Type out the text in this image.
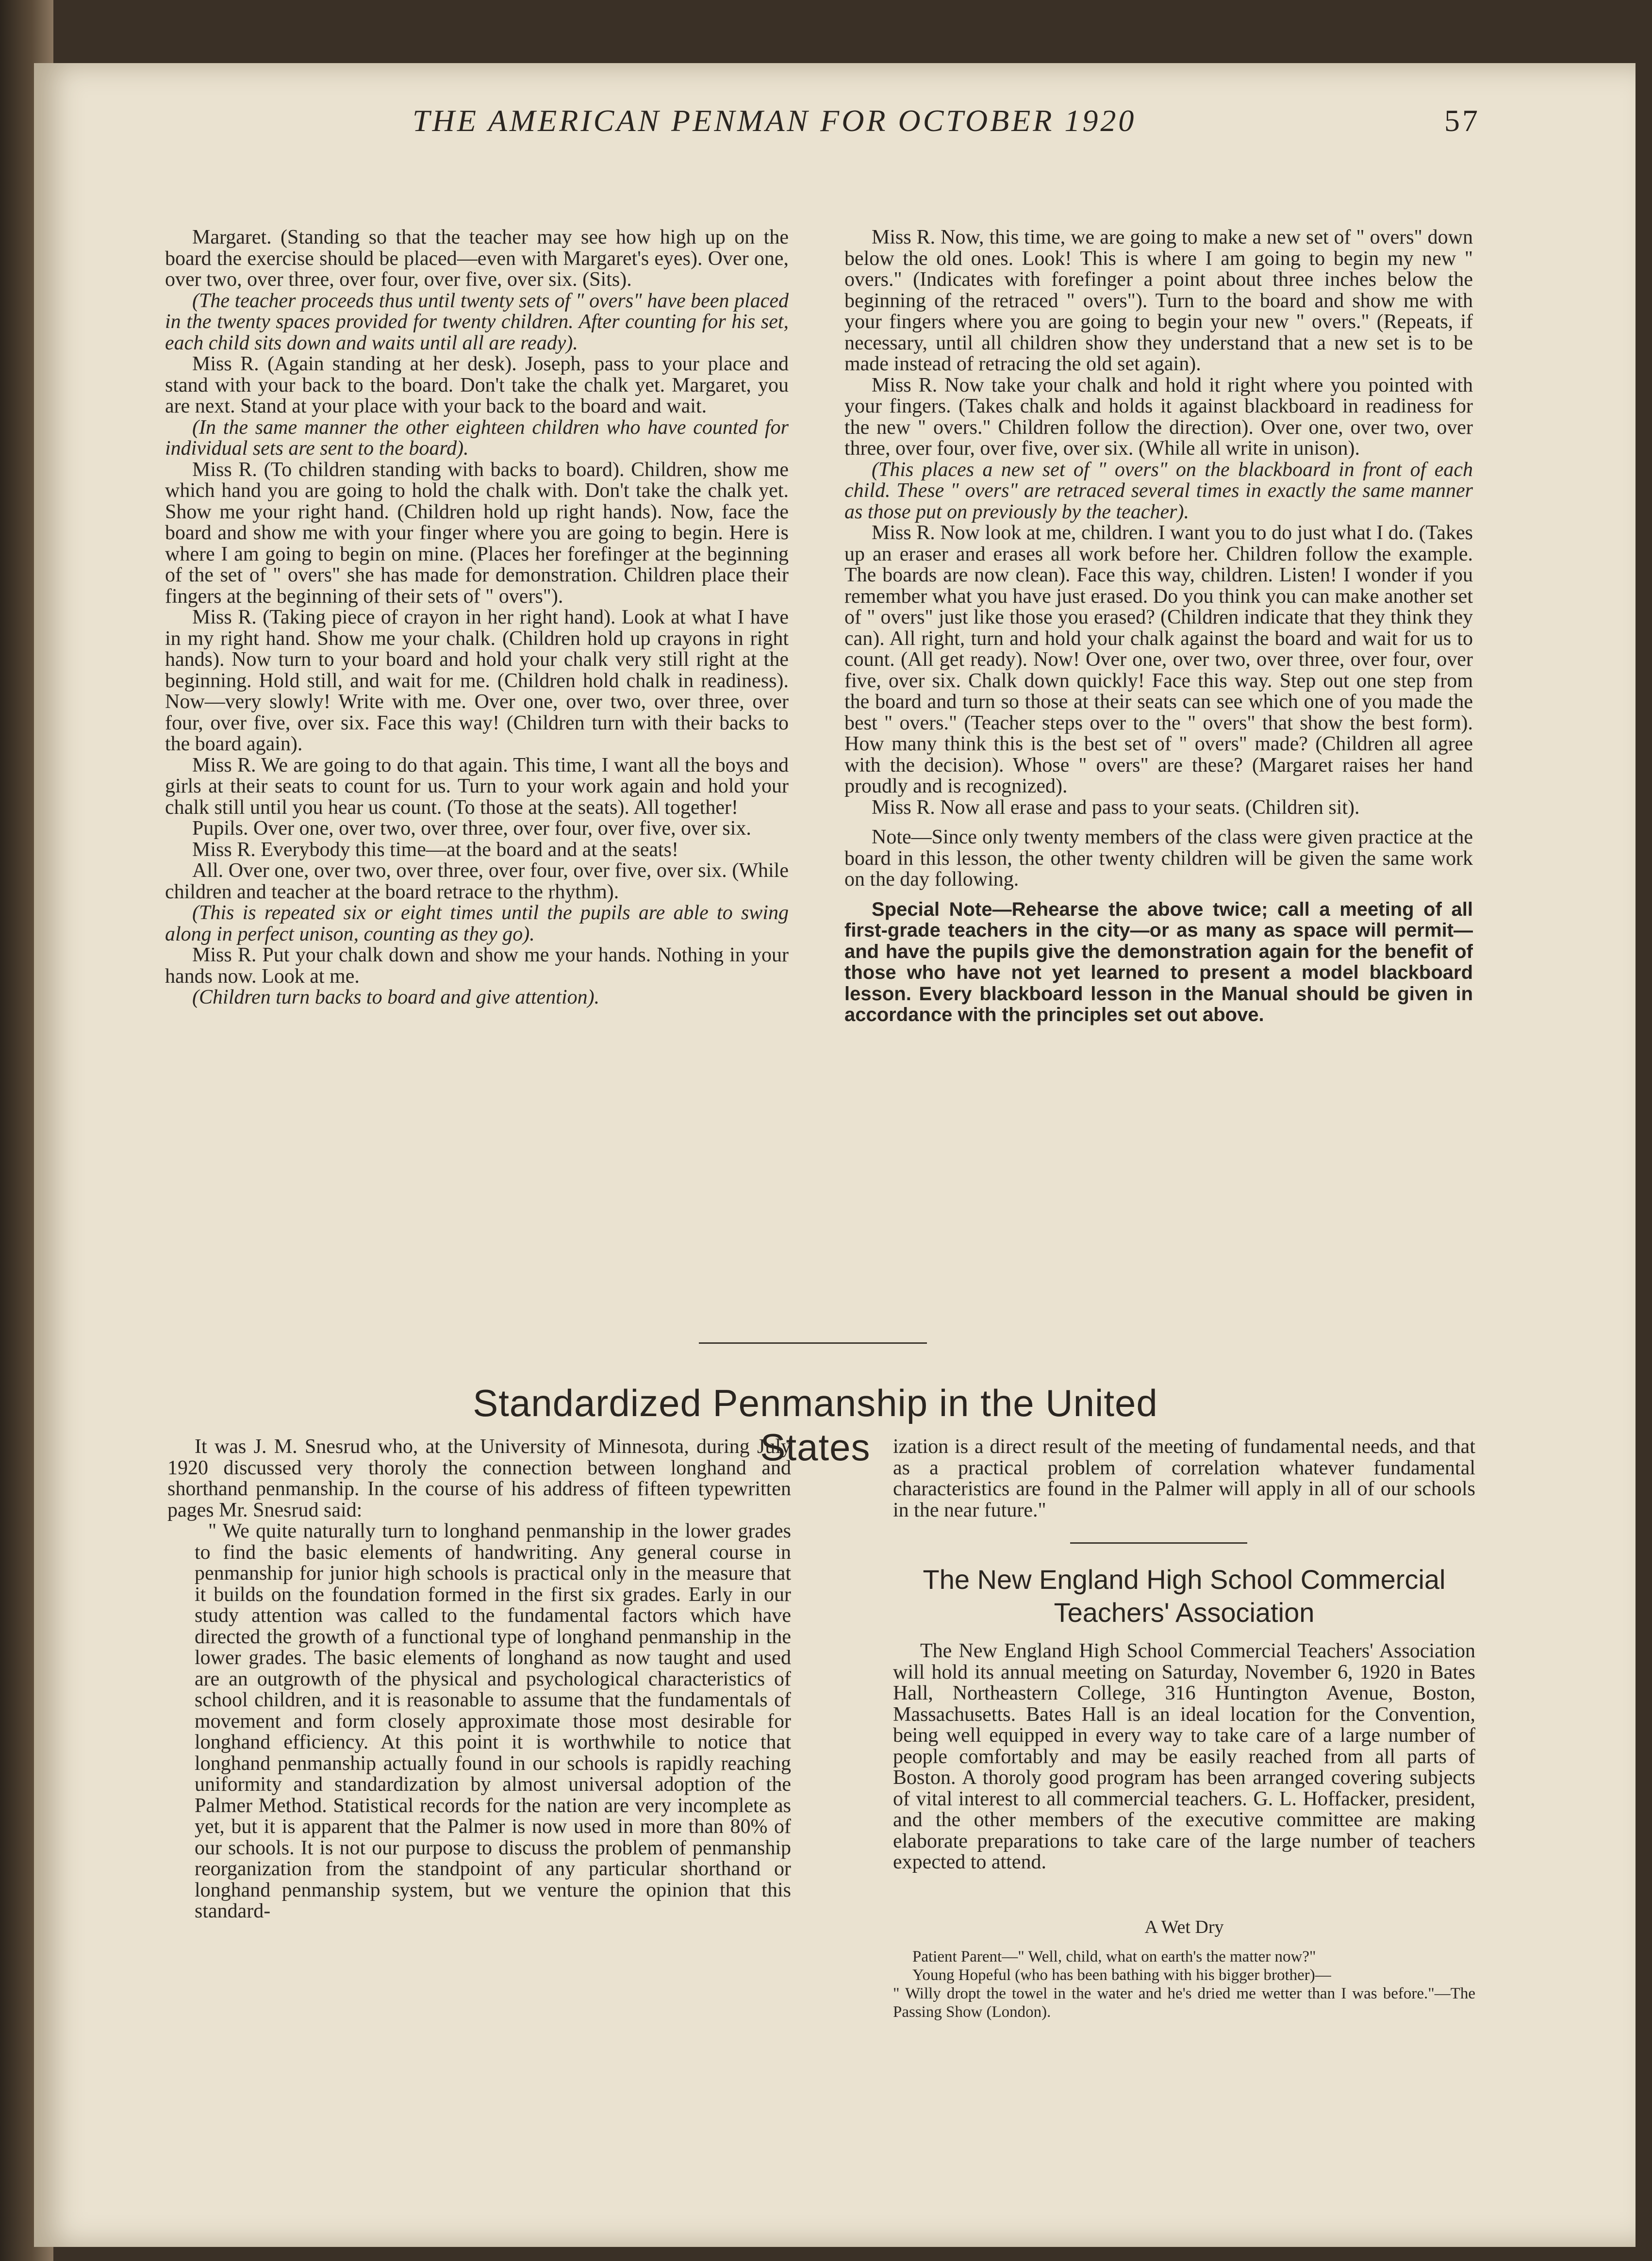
THE AMERICAN PENMAN FOR OCTOBER 1920	57

Margaret. (Standing so that the teacher may see how high up on the board the exercise should be placed—even with Margaret's eyes). Over one, over two, over three, over four, over five, over six. (Sits).

(The teacher proceeds thus until twenty sets of " overs" have been placed in the twenty spaces provided for twenty children. After counting for his set, each child sits down and waits until all are ready).

Miss R. (Again standing at her desk). Joseph, pass to your place and stand with your back to the board. Don't take the chalk yet. Margaret, you are next. Stand at your place with your back to the board and wait.

(In the same manner the other eighteen children who have counted for individual sets are sent to the board).

Miss R. (To children standing with backs to board). Children, show me which hand you are going to hold the chalk with. Don't take the chalk yet. Show me your right hand. (Children hold up right hands). Now, face the board and show me with your finger where you are going to begin. Here is where I am going to begin on mine. (Places her forefinger at the beginning of the set of " overs" she has made for demonstration. Children place their fingers at the beginning of their sets of " overs").

Miss R. (Taking piece of crayon in her right hand). Look at what I have in my right hand. Show me your chalk. (Children hold up crayons in right hands). Now turn to your board and hold your chalk very still right at the beginning. Hold still, and wait for me. (Children hold chalk in readiness). Now—very slowly! Write with me. Over one, over two, over three, over four, over five, over six. Face this way! (Children turn with their backs to the board again).

Miss R. We are going to do that again. This time, I want all the boys and girls at their seats to count for us. Turn to your work again and hold your chalk still until you hear us count. (To those at the seats). All together!

Pupils. Over one, over two, over three, over four, over five, over six.

Miss R. Everybody this time—at the board and at the seats!

All. Over one, over two, over three, over four, over five, over six. (While children and teacher at the board retrace to the rhythm).

(This is repeated six or eight times until the pupils are able to swing along in perfect unison, counting as they go).

Miss R. Put your chalk down and show me your hands. Nothing in your hands now. Look at me.

(Children turn backs to board and give attention).

Miss R. Now, this time, we are going to make a new set of " overs" down below the old ones. Look! This is where I am going to begin my new " overs." (Indicates with forefinger a point about three inches below the beginning of the retraced " overs"). Turn to the board and show me with your fingers where you are going to begin your new " overs." (Repeats, if necessary, until all children show they understand that a new set is to be made instead of retracing the old set again).

Miss R. Now take your chalk and hold it right where you pointed with your fingers. (Takes chalk and holds it against blackboard in readiness for the new " overs." Children follow the direction). Over one, over two, over three, over four, over five, over six. (While all write in unison).

(This places a new set of " overs" on the blackboard in front of each child. These " overs" are retraced several times in exactly the same manner as those put on previously by the teacher).

Miss R. Now look at me, children. I want you to do just what I do. (Takes up an eraser and erases all work before her. Children follow the example. The boards are now clean). Face this way, children. Listen! I wonder if you remember what you have just erased. Do you think you can make another set of " overs" just like those you erased? (Children indicate that they think they can). All right, turn and hold your chalk against the board and wait for us to count. (All get ready). Now! Over one, over two, over three, over four, over five, over six. Chalk down quickly! Face this way. Step out one step from the board and turn so those at their seats can see which one of you made the best " overs." (Teacher steps over to the " overs" that show the best form). How many think this is the best set of " overs" made? (Children all agree with the decision). Whose " overs" are these? (Margaret raises her hand proudly and is recognized).

Miss R. Now all erase and pass to your seats. (Children sit).

Note—Since only twenty members of the class were given practice at the board in this lesson, the other twenty children will be given the same work on the day following.

Special Note—Rehearse the above twice; call a meeting of all first-grade teachers in the city—or as many as space will permit—and have the pupils give the demonstration again for the benefit of those who have not yet learned to present a model blackboard lesson. Every blackboard lesson in the Manual should be given in accordance with the principles set out above.

Standardized Penmanship in the United States

It was J. M. Snesrud who, at the University of Minnesota, during July 1920 discussed very thoroly the connection between longhand and shorthand penmanship. In the course of his address of fifteen typewritten pages Mr. Snesrud said:

" We quite naturally turn to longhand penmanship in the lower grades to find the basic elements of handwriting. Any general course in penmanship for junior high schools is practical only in the measure that it builds on the foundation formed in the first six grades. Early in our study attention was called to the fundamental factors which have directed the growth of a functional type of longhand penmanship in the lower grades. The basic elements of longhand as now taught and used are an outgrowth of the physical and psychological characteristics of school children, and it is reasonable to assume that the fundamentals of movement and form closely approximate those most desirable for longhand efficiency. At this point it is worthwhile to notice that longhand penmanship actually found in our schools is rapidly reaching uniformity and standardization by almost universal adoption of the Palmer Method. Statistical records for the nation are very incomplete as yet, but it is apparent that the Palmer is now used in more than 80% of our schools. It is not our purpose to discuss the problem of penmanship reorganization from the standpoint of any particular shorthand or longhand penmanship system, but we venture the opinion that this standard-

ization is a direct result of the meeting of fundamental needs, and that as a practical problem of correlation whatever fundamental characteristics are found in the Palmer will apply in all of our schools in the near future."

The New England High School Commercial Teachers' Association

The New England High School Commercial Teachers' Association will hold its annual meeting on Saturday, November 6, 1920 in Bates Hall, Northeastern College, 316 Huntington Avenue, Boston, Massachusetts. Bates Hall is an ideal location for the Convention, being well equipped in every way to take care of a large number of people comfortably and may be easily reached from all parts of Boston. A thoroly good program has been arranged covering subjects of vital interest to all commercial teachers. G. L. Hoffacker, president, and the other members of the executive committee are making elaborate preparations to take care of the large number of teachers expected to attend.

A Wet Dry

Patient Parent—" Well, child, what on earth's the matter now?"

Young Hopeful (who has been bathing with his bigger brother)—

" Willy dropt the towel in the water and he's dried me wetter than I was before."—The Passing Show (London).
